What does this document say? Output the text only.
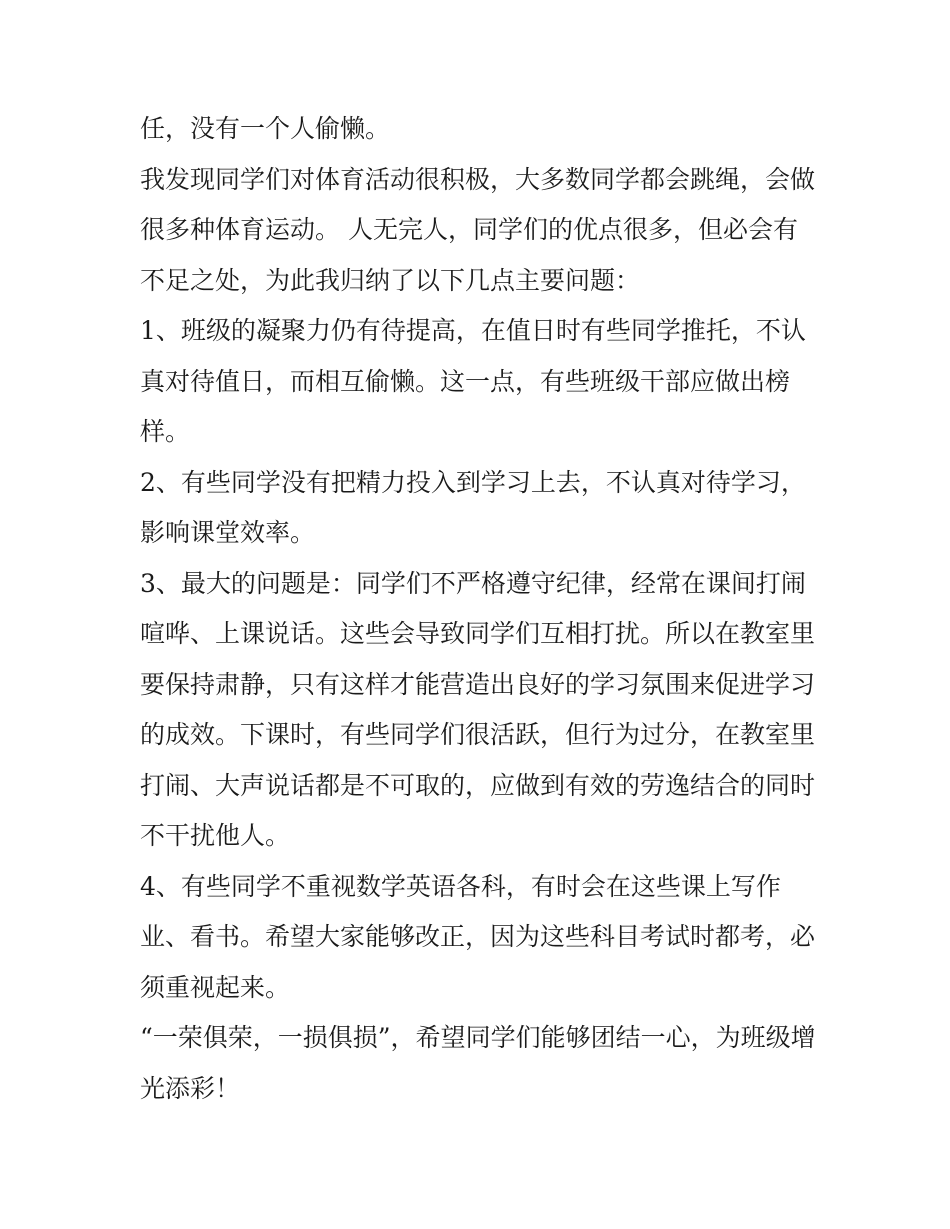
任，没有一个人偷懒。

我发现同学们对体育活动很积极，大多数同学都会跳绳，会做很多种体育运动。 人无完人，同学们的优点很多，但必会有不足之处，为此我归纳了以下几点主要问题：

1、班级的凝聚力仍有待提高，在值日时有些同学推托，不认真对待值日，而相互偷懒。这一点，有些班级干部应做出榜样。

2、有些同学没有把精力投入到学习上去，不认真对待学习，影响课堂效率。

3、最大的问题是：同学们不严格遵守纪律，经常在课间打闹喧哗、上课说话。这些会导致同学们互相打扰。所以在教室里要保持肃静，只有这样才能营造出良好的学习氛围来促进学习的成效。下课时，有些同学们很活跃，但行为过分，在教室里打闹、大声说话都是不可取的，应做到有效的劳逸结合的同时不干扰他人。

4、有些同学不重视数学英语各科，有时会在这些课上写作业、看书。希望大家能够改正，因为这些科目考试时都考，必须重视起来。

“一荣俱荣，一损俱损”，希望同学们能够团结一心，为班级增光添彩！
